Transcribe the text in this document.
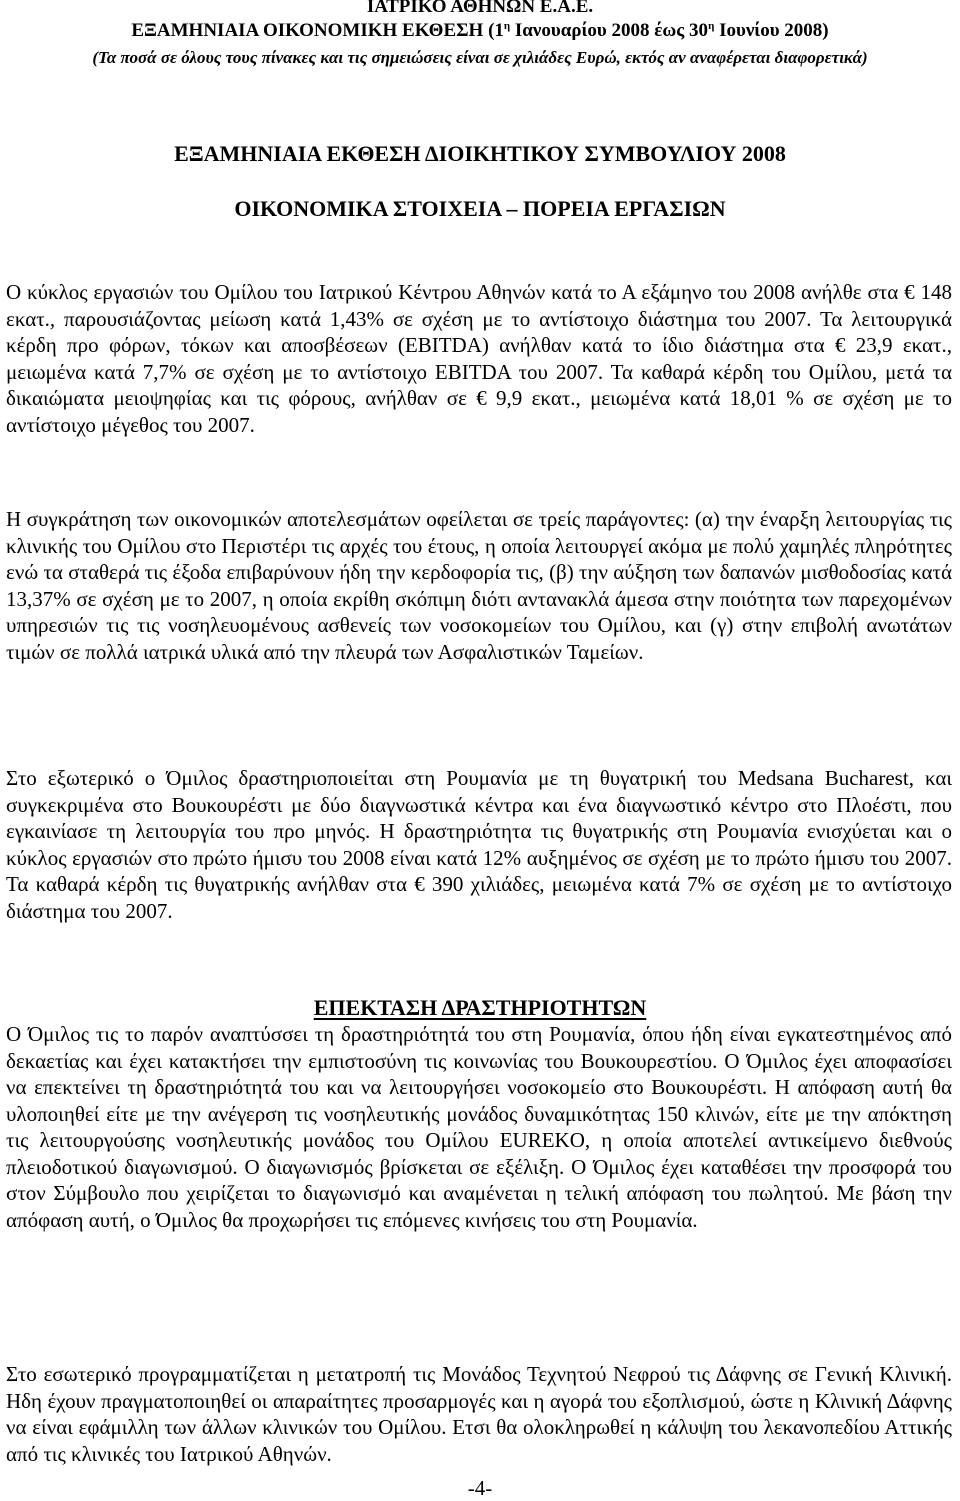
ΙΑΤΡΙΚΟ ΑΘΗΝΩΝ Ε.Α.Ε.

ΕΞΑΜΗΝΙΑΙΑ ΟΙΚΟΝΟΜΙΚΗ ΕΚΘΕΣΗ ($1^\eta$ Ιανουαρίου 2008 έως $30^\eta$ Ιουνίου 2008)

(Τα ποσά σε όλους τους πίνακες και τις σημειώσεις είναι σε χιλιάδες Ευρώ, εκτός αν αναφέρεται διαφορετικά)

ΕΞΑΜΗΝΙΑΙΑ ΕΚΘΕΣΗ ΔΙΟΙΚΗΤΙΚΟΥ ΣΥΜΒΟΥΛΙΟΥ 2008

ΟΙΚΟΝΟΜΙΚΑ ΣΤΟΙΧΕΙΑ – ΠΟΡΕΙΑ ΕΡΓΑΣΙΩΝ

Ο κύκλος εργασιών του Ομίλου του Ιατρικού Κέντρου Αθηνών κατά το Α εξάμηνο του 2008 ανήλθε στα € 148 εκατ., παρουσιάζοντας μείωση κατά 1,43% σε σχέση με το αντίστοιχο διάστημα του 2007. Τα λειτουργικά κέρδη προ φόρων, τόκων και αποσβέσεων (EBITDA) ανήλθαν κατά το ίδιο διάστημα στα € 23,9 εκατ., μειωμένα κατά 7,7% σε σχέση με το αντίστοιχο EBITDA του 2007. Τα καθαρά κέρδη του Ομίλου, μετά τα δικαιώματα μειοψηφίας και τις φόρους, ανήλθαν σε € 9,9 εκατ., μειωμένα κατά 18,01 % σε σχέση με το αντίστοιχο μέγεθος του 2007.

Η συγκράτηση των οικονομικών αποτελεσμάτων οφείλεται σε τρείς παράγοντες: (α) την έναρξη λειτουργίας τις κλινικής του Ομίλου στο Περιστέρι τις αρχές του έτους, η οποία λειτουργεί ακόμα με πολύ χαμηλές πληρότητες ενώ τα σταθερά τις έξοδα επιβαρύνουν ήδη την κερδοφορία τις, (β) την αύξηση των δαπανών μισθοδοσίας κατά 13,37% σε σχέση με το 2007, η οποία εκρίθη σκόπιμη διότι αντανακλά άμεσα στην ποιότητα των παρεχομένων υπηρεσιών τις τις νοσηλευομένους ασθενείς των νοσοκομείων του Ομίλου, και (γ) στην επιβολή ανωτάτων τιμών σε πολλά ιατρικά υλικά από την πλευρά των Ασφαλιστικών Ταμείων.

Στο εξωτερικό ο Όμιλος δραστηριοποιείται στη Ρουμανία με τη θυγατρική του Medsana Bucharest, και συγκεκριμένα στο Βουκουρέστι με δύο διαγνωστικά κέντρα και ένα διαγνωστικό κέντρο στο Πλοέστι, που εγκαινίασε τη λειτουργία του προ μηνός. Η δραστηριότητα τις θυγατρικής στη Ρουμανία ενισχύεται και ο κύκλος εργασιών στο πρώτο ήμισυ του 2008 είναι κατά 12% αυξημένος σε σχέση με το πρώτο ήμισυ του 2007. Τα καθαρά κέρδη τις θυγατρικής ανήλθαν στα € 390 χιλιάδες, μειωμένα κατά 7% σε σχέση με το αντίστοιχο διάστημα του 2007.

ΕΠΕΚΤΑΣΗ ΔΡΑΣΤΗΡΙΟΤΗΤΩΝ

Ο Όμιλος τις το παρόν αναπτύσσει τη δραστηριότητά του στη Ρουμανία, όπου ήδη είναι εγκατεστημένος από δεκαετίας και έχει κατακτήσει την εμπιστοσύνη τις κοινωνίας του Βουκουρεστίου. Ο Όμιλος έχει αποφασίσει να επεκτείνει τη δραστηριότητά του και να λειτουργήσει νοσοκομείο στο Βουκουρέστι. Η απόφαση αυτή θα υλοποιηθεί είτε με την ανέγερση τις νοσηλευτικής μονάδος δυναμικότητας 150 κλινών, είτε με την απόκτηση τις λειτουργούσης νοσηλευτικής μονάδος του Ομίλου EUREKO, η οποία αποτελεί αντικείμενο διεθνούς πλειοδοτικού διαγωνισμού. Ο διαγωνισμός βρίσκεται σε εξέλιξη. Ο Όμιλος έχει καταθέσει την προσφορά του στον Σύμβουλο που χειρίζεται το διαγωνισμό και αναμένεται η τελική απόφαση του πωλητού. Με βάση την απόφαση αυτή, ο Όμιλος θα προχωρήσει τις επόμενες κινήσεις του στη Ρουμανία.

Στο εσωτερικό προγραμματίζεται η μετατροπή τις Μονάδος Τεχνητού Νεφρού τις Δάφνης σε Γενική Κλινική. Ηδη έχουν πραγματοποιηθεί οι απαραίτητες προσαρμογές και η αγορά του εξοπλισμού, ώστε η Κλινική Δάφνης να είναι εφάμιλλη των άλλων κλινικών του Ομίλου. Ετσι θα ολοκληρωθεί η κάλυψη του λεκανοπεδίου Αττικής από τις κλινικές του Ιατρικού Αθηνών.

-4-
